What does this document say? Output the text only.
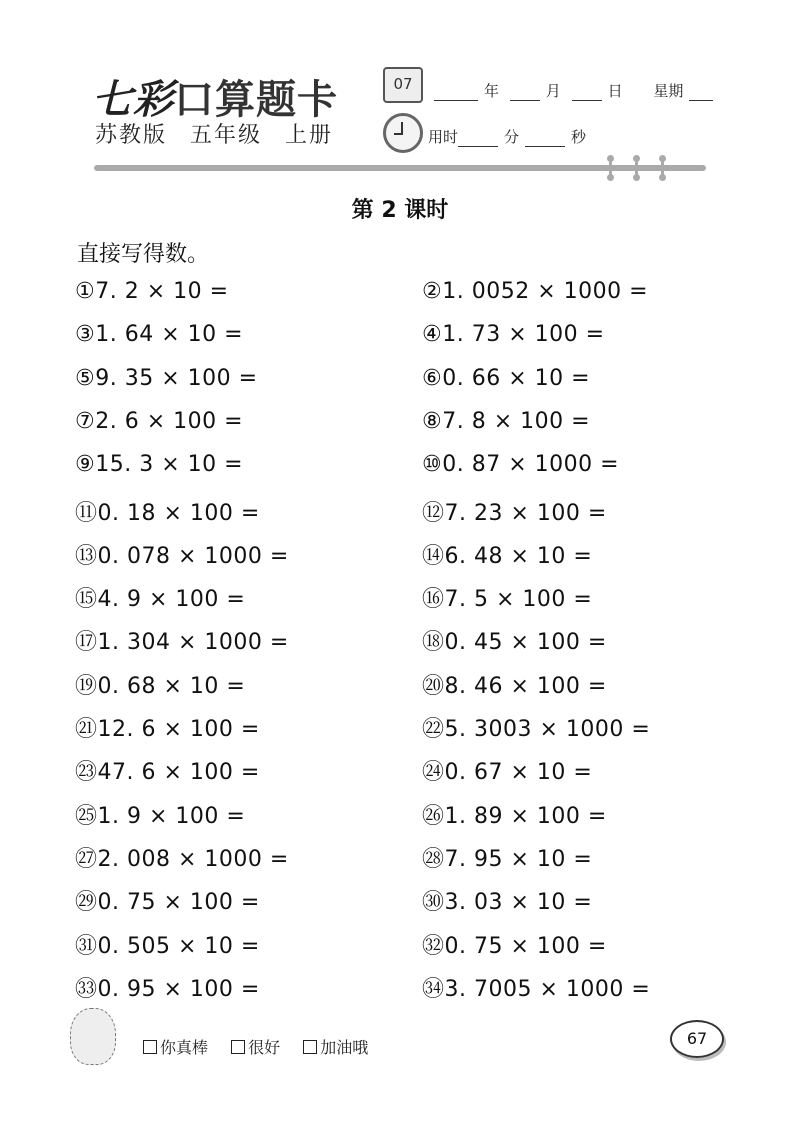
七彩口算题卡
苏教版 五年级 上册
07	年	月	日 星期
用时	分	秒
第 2 课时
直接写得数。
①7. 2 × 10 =	②1. 0052 × 1000 =
③1. 64 × 10 =	④1. 73 × 100 =
⑤9. 35 × 100 =	⑥0. 66 × 10 =
⑦2. 6 × 100 =	⑧7. 8 × 100 =
⑨15. 3 × 10 =	⑩0. 87 × 1000 =
⑪0. 18 × 100 =	⑫7. 23 × 100 =
⑬0. 078 × 1000 =	⑭6. 48 × 10 =
⑮4. 9 × 100 =	⑯7. 5 × 100 =
⑰1. 304 × 1000 =	⑱0. 45 × 100 =
⑲0. 68 × 10 =	⑳8. 46 × 100 =
㉑12. 6 × 100 =	㉒5. 3003 × 1000 =
㉓47. 6 × 100 =	㉔0. 67 × 10 =
㉕1. 9 × 100 =	㉖1. 89 × 100 =
㉗2. 008 × 1000 =	㉘7. 95 × 10 =
㉙0. 75 × 100 =	㉚3. 03 × 10 =
㉛0. 505 × 10 =	㉜0. 75 × 100 =
㉝0. 95 × 100 =	㉞3. 7005 × 1000 =
你真棒	很好	加油哦	67
